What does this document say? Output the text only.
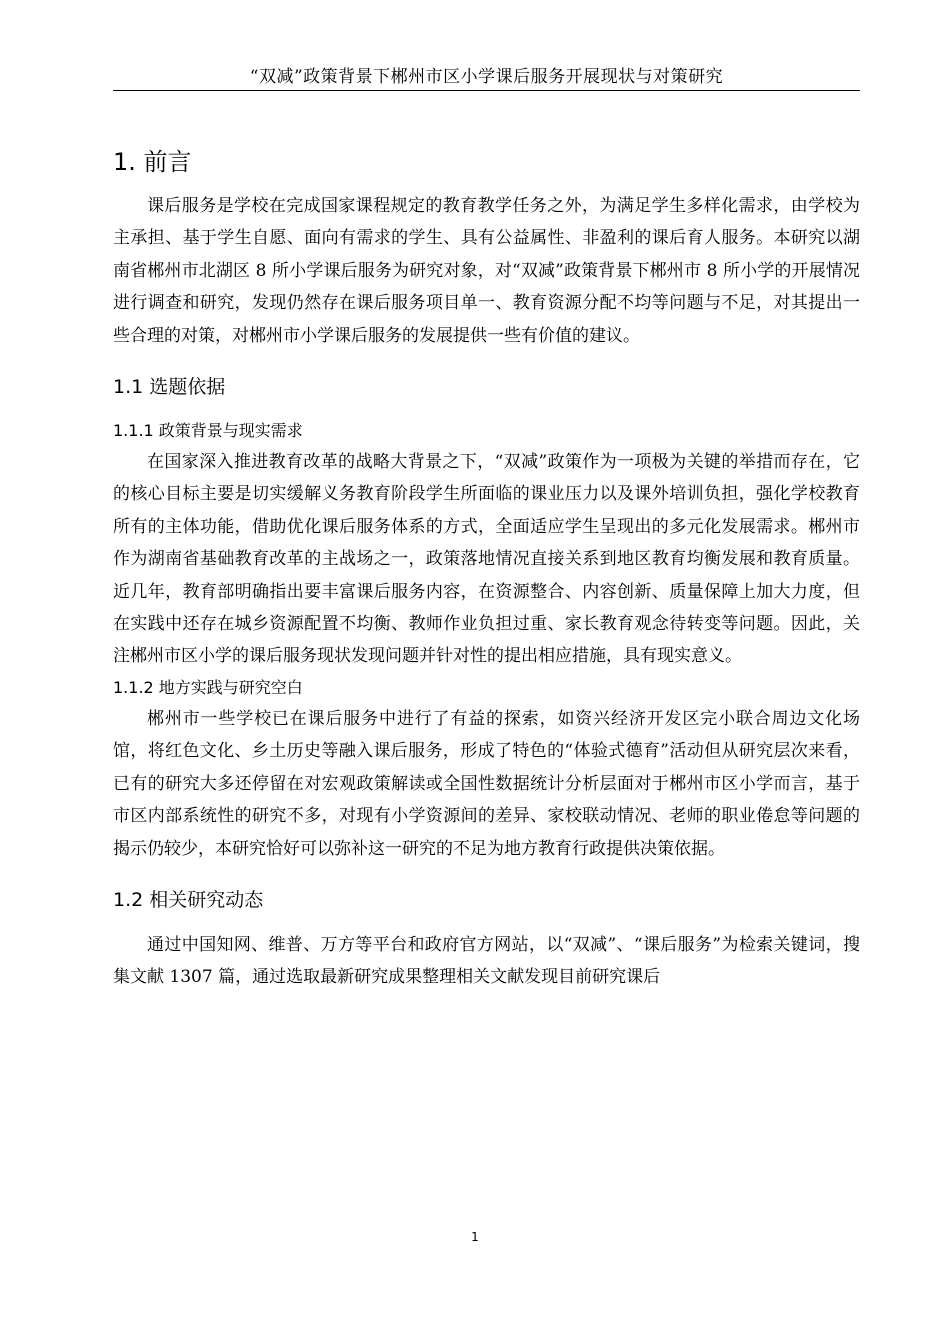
“双减”政策背景下郴州市区小学课后服务开展现状与对策研究
1. 前言

课后服务是学校在完成国家课程规定的教育教学任务之外，为满足学生多样化需求，由学校为主承担、基于学生自愿、面向有需求的学生、具有公益属性、非盈利的课后育人服务。本研究以湖南省郴州市北湖区 8 所小学课后服务为研究对象，对“双减”政策背景下郴州市 8 所小学的开展情况进行调查和研究，发现仍然存在课后服务项目单一、教育资源分配不均等问题与不足，对其提出一些合理的对策，对郴州市小学课后服务的发展提供一些有价值的建议。

1.1 选题依据
1.1.1 政策背景与现实需求

在国家深入推进教育改革的战略大背景之下，“双减”政策作为一项极为关键的举措而存在，它的核心目标主要是切实缓解义务教育阶段学生所面临的课业压力以及课外培训负担，强化学校教育所有的主体功能，借助优化课后服务体系的方式，全面适应学生呈现出的多元化发展需求。郴州市作为湖南省基础教育改革的主战场之一，政策落地情况直接关系到地区教育均衡发展和教育质量。近几年，教育部明确指出要丰富课后服务内容，在资源整合、内容创新、质量保障上加大力度，但在实践中还存在城乡资源配置不均衡、教师作业负担过重、家长教育观念待转变等问题。因此，关注郴州市区小学的课后服务现状发现问题并针对性的提出相应措施，具有现实意义。

1.1.2 地方实践与研究空白

郴州市一些学校已在课后服务中进行了有益的探索，如资兴经济开发区完小联合周边文化场馆，将红色文化、乡土历史等融入课后服务，形成了特色的“体验式德育”活动但从研究层次来看，已有的研究大多还停留在对宏观政策解读或全国性数据统计分析层面对于郴州市区小学而言，基于市区内部系统性的研究不多，对现有小学资源间的差异、家校联动情况、老师的职业倦怠等问题的揭示仍较少，本研究恰好可以弥补这一研究的不足为地方教育行政提供决策依据。

1.2 相关研究动态

通过中国知网、维普、万方等平台和政府官方网站，以“双减”、“课后服务”为检索关键词，搜集文献 1307 篇，通过选取最新研究成果整理相关文献发现目前研究课后

1
